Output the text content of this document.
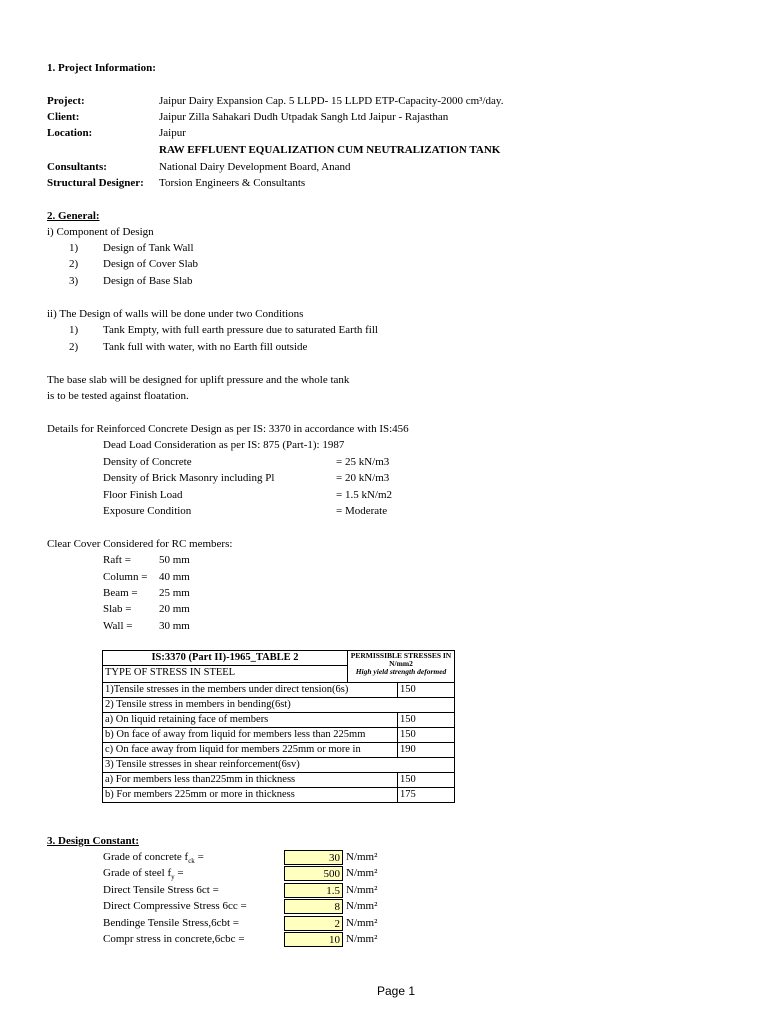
1. Project Information:
Project:	Jaipur Dairy Expansion Cap. 5 LLPD- 15 LLPD ETP-Capacity-2000 cm³/day.
Client:	Jaipur Zilla Sahakari Dudh Utpadak Sangh Ltd Jaipur - Rajasthan
Location:	Jaipur
RAW EFFLUENT EQUALIZATION CUM NEUTRALIZATION TANK
Consultants:	National Dairy Development Board, Anand
Structural Designer: Torsion Engineers & Consultants
2. General:
i) Component of Design
1) Design of Tank Wall
2) Design of Cover Slab
3) Design of Base Slab
ii) The Design of walls will be done under two Conditions
1) Tank Empty, with full earth pressure due to saturated Earth fill
2) Tank full with water, with no Earth fill outside
The base slab will be designed for uplift pressure and the whole tank
is to be tested against floatation.
Details for Reinforced Concrete Design as per IS: 3370 in accordance with IS:456
Dead Load Consideration as per IS: 875 (Part-1): 1987
Density of Concrete	= 25 kN/m3
Density of Brick Masonry including Pl	= 20 kN/m3
Floor Finish Load	= 1.5 kN/m2
Exposure Condition	= Moderate
Clear Cover Considered for RC members:
Raft =	50 mm
Column = 40 mm
Beam = 25 mm
Slab = 20 mm
Wall = 30 mm
IS:3370 (Part II)-1965_TABLE 2	PERMISSIBLE STRESSES IN N/mm2
High yield strength deformed	

TYPE OF STRESS IN STEEL		

1)Tensile stresses in the members under direct tension(6s)		150
2) Tensile stress in members in bending(6st)		
a) On liquid retaining face of members		150
b) On face of away from liquid for members less than 225mm		150
c) On face away from liquid for members 225mm or more in		190
3) Tensile stresses in shear reinforcement(6sv)		
a) For members less than225mm in thickness		150
b) For members 225mm or more in thickness		175
3. Design Constant:
Grade of concrete $f_{ck}$ =	30 N/mm²
Grade of steel $f_y$ =	500 N/mm²
Direct Tensile Stress 6ct =	1.5 N/mm²
Direct Compressive Stress 6cc =	8 N/mm²
Bendinge Tensile Stress,6cbt =	2 N/mm²
Compr stress in concrete,6cbc =	10 N/mm²
Page 1
